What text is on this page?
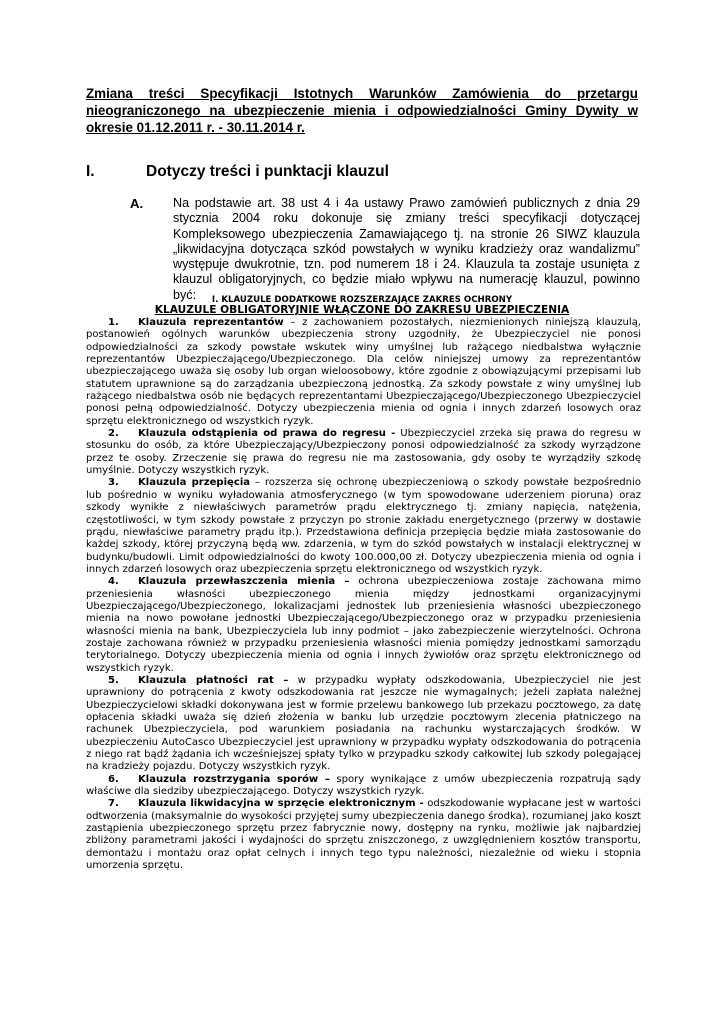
Zmiana treści Specyfikacji Istotnych Warunków Zamówienia do przetargu nieograniczonego na ubezpieczenie mienia i odpowiedzialności Gminy Dywity w okresie 01.12.2011 r. - 30.11.2014 r.
I.	Dotyczy treści i punktacji klauzul
A. Na podstawie art. 38 ust 4 i 4a ustawy Prawo zamówień publicznych z dnia 29 stycznia 2004 roku dokonuje się zmiany treści specyfikacji dotyczącej Kompleksowego ubezpieczenia Zamawiającego tj. na stronie 26 SIWZ klauzula „likwidacyjna dotycząca szkód powstałych w wyniku kradzieży oraz wandalizmu” występuje dwukrotnie, tzn. pod numerem 18 i 24. Klauzula ta zostaje usunięta z klauzul obligatoryjnych, co będzie miało wpływu na numerację klauzul, powinno być:	I. KLAUZULE DODATKOWE ROZSZERZAJĄCE ZAKRES OCHRONY
KLAUZULE OBLIGATORYJNIE WŁĄCZONE DO ZAKRESU UBEZPIECZENIA
1.	Klauzula reprezentantów – z zachowaniem pozostałych, niezmienionych niniejszą klauzulą, postanowień ogólnych warunków ubezpieczenia strony uzgodniły, że Ubezpieczyciel nie ponosi odpowiedzialności za szkody powstałe wskutek winy umyślnej lub rażącego niedbalstwa wyłącznie reprezentantów Ubezpieczającego/Ubezpieczonego. Dla celów niniejszej umowy za reprezentantów ubezpieczającego uważa się osoby lub organ wieloosobowy, które zgodnie z obowiązującymi przepisami lub statutem uprawnione są do zarządzania ubezpieczoną jednostką. Za szkody powstałe z winy umyślnej lub rażącego niedbalstwa osób nie będących reprezentantami Ubezpieczającego/Ubezpieczonego Ubezpieczyciel ponosi pełną odpowiedzialność. Dotyczy ubezpieczenia mienia od ognia i innych zdarzeń losowych oraz sprzętu elektronicznego od wszystkich ryzyk.
2.	Klauzula odstąpienia od prawa do regresu - Ubezpieczyciel zrzeka się prawa do regresu w stosunku do osób, za które Ubezpieczający/Ubezpieczony ponosi odpowiedzialność za szkody wyrządzone przez te osoby. Zrzeczenie się prawa do regresu nie ma zastosowania, gdy osoby te wyrządziły szkodę umyślnie. Dotyczy wszystkich ryzyk.
3.	Klauzula przepięcia – rozszerza się ochronę ubezpieczeniową o szkody powstałe bezpośrednio lub pośrednio w wyniku wyładowania atmosferycznego (w tym spowodowane uderzeniem pioruna) oraz szkody wynikłe z niewłaściwych parametrów prądu elektrycznego tj. zmiany napięcia, natężenia, częstotliwości, w tym szkody powstałe z przyczyn po stronie zakładu energetycznego (przerwy w dostawie prądu, niewłaściwe parametry prądu itp.). Przedstawiona definicja przepięcia będzie miała zastosowanie do każdej szkody, której przyczyną będą ww. zdarzenia, w tym do szkód powstałych w instalacji elektrycznej w budynku/budowli. Limit odpowiedzialności do kwoty 100.000,00 zł. Dotyczy ubezpieczenia mienia od ognia i innych zdarzeń losowych oraz ubezpieczenia sprzętu elektronicznego od wszystkich ryzyk.
4.	Klauzula przewłaszczenia mienia – ochrona ubezpieczeniowa zostaje zachowana mimo przeniesienia własności ubezpieczonego mienia między jednostkami organizacyjnymi Ubezpieczającego/Ubezpieczonego, lokalizacjami jednostek lub przeniesienia własności ubezpieczonego mienia na nowo powołane jednostki Ubezpieczającego/Ubezpieczonego oraz w przypadku przeniesienia własności mienia na bank, Ubezpieczyciela lub inny podmiot – jako zabezpieczenie wierzytelności. Ochrona zostaje zachowana również w przypadku przeniesienia własności mienia pomiędzy jednostkami samorządu terytorialnego. Dotyczy ubezpieczenia mienia od ognia i innych żywiołów oraz sprzętu elektronicznego od wszystkich ryzyk.
5.	Klauzula płatności rat – w przypadku wypłaty odszkodowania, Ubezpieczyciel nie jest uprawniony do potrącenia z kwoty odszkodowania rat jeszcze nie wymagalnych; jeżeli zapłata należnej Ubezpieczycielowi składki dokonywana jest w formie przelewu bankowego lub przekazu pocztowego, za datę opłacenia składki uważa się dzień złożenia w banku lub urzędzie pocztowym zlecenia płatniczego na rachunek Ubezpieczyciela, pod warunkiem posiadania na rachunku wystarczających środków. W ubezpieczeniu AutoCasco Ubezpieczyciel jest uprawniony w przypadku wypłaty odszkodowania do potrącenia z niego rat bądź żądania ich wcześniejszej spłaty tylko w przypadku szkody całkowitej lub szkody polegającej na kradzieży pojazdu. Dotyczy wszystkich ryzyk.
6.	Klauzula rozstrzygania sporów – spory wynikające z umów ubezpieczenia rozpatrują sądy właściwe dla siedziby ubezpieczającego. Dotyczy wszystkich ryzyk.
7.	Klauzula likwidacyjna w sprzęcie elektronicznym - odszkodowanie wypłacane jest w wartości odtworzenia (maksymalnie do wysokości przyjętej sumy ubezpieczenia danego środka), rozumianej jako koszt zastąpienia ubezpieczonego sprzętu przez fabrycznie nowy, dostępny na rynku, możliwie jak najbardziej zbliżony parametrami jakości i wydajności do sprzętu zniszczonego, z uwzględnieniem kosztów transportu, demontażu i montażu oraz opłat celnych i innych tego typu należności, niezależnie od wieku i stopnia umorzenia sprzętu.
